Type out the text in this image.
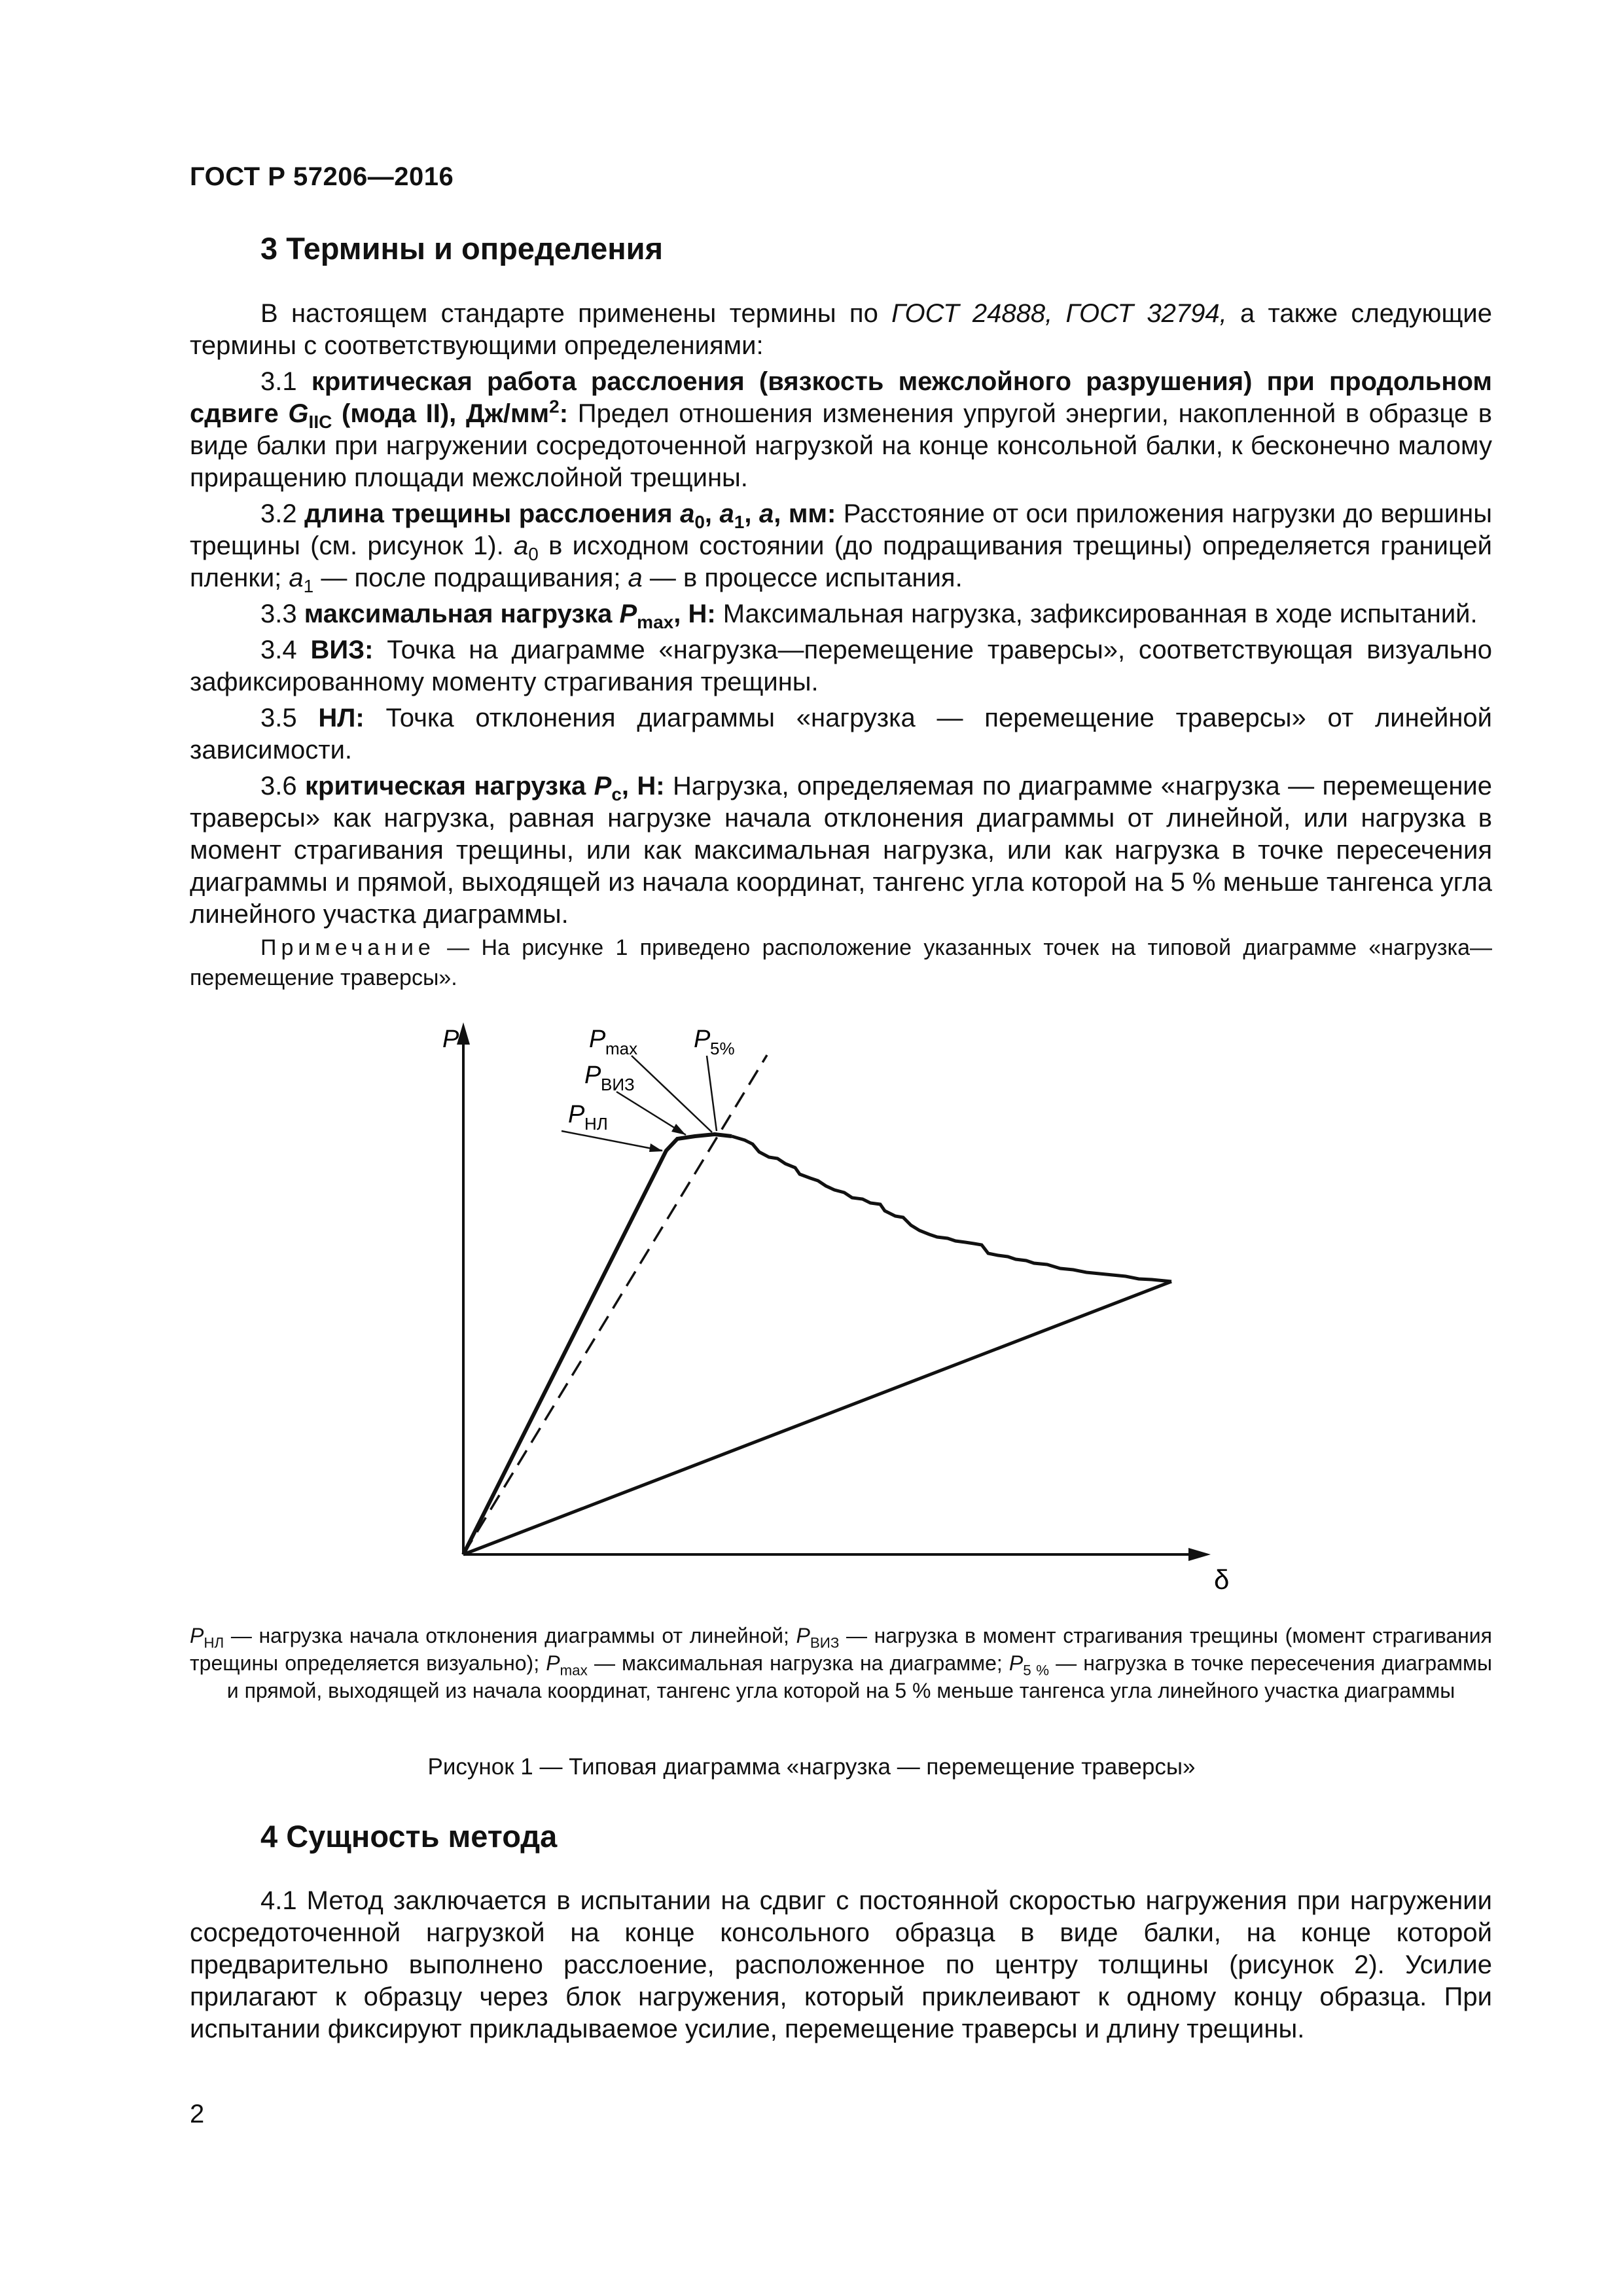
ГОСТ Р 57206—2016
3 Термины и определения

В настоящем стандарте применены термины по ГОСТ 24888, ГОСТ 32794, а также следующие термины с соответствующими определениями:

3.1 критическая работа расслоения (вязкость межслойного разрушения) при продольном сдвиге $G_{IIC}$ (мода II), $Дж/мм^2$: Предел отношения изменения упругой энергии, накопленной в образце в виде балки при нагружении сосредоточенной нагрузкой на конце консольной балки, к бесконечно малому приращению площади межслойной трещины.

3.2 длина трещины расслоения $a_0$, $a_1$, a, мм: Расстояние от оси приложения нагрузки до вершины трещины (см. рисунок 1). $a_0$ в исходном состоянии (до подращивания трещины) определяется границей пленки; $a_1$ — после подращивания; a — в процессе испытания.

3.3 максимальная нагрузка $P_{max}$, Н: Максимальная нагрузка, зафиксированная в ходе испытаний.

3.4 ВИЗ: Точка на диаграмме «нагрузка—перемещение траверсы», соответствующая визуально зафиксированному моменту страгивания трещины.

3.5 НЛ: Точка отклонения диаграммы «нагрузка — перемещение траверсы» от линейной зависимости.

3.6 критическая нагрузка $P_c$, Н: Нагрузка, определяемая по диаграмме «нагрузка — перемещение траверсы» как нагрузка, равная нагрузке начала отклонения диаграммы от линейной, или нагрузка в момент страгивания трещины, или как максимальная нагрузка, или как нагрузка в точке пересечения диаграммы и прямой, выходящей из начала координат, тангенс угла которой на 5 % меньше тангенса угла линейного участка диаграммы.

Примечание — На рисунке 1 приведено расположение указанных точек на типовой диаграмме «нагрузка—перемещение траверсы».
P
δ
P max P 5%
P ВИЗ
P НЛ
$P_{НЛ}$ — нагрузка начала отклонения диаграммы от линейной; $P_{ВИЗ}$ — нагрузка в момент страгивания трещины (момент страгивания трещины определяется визуально); $P_{max}$ — максимальная нагрузка на диаграмме; $P_{5 \%}$ — нагрузка в точке пересечения диаграммы и прямой, выходящей из начала координат, тангенс угла которой на 5 % меньше тангенса угла линейного участка диаграммы
Рисунок 1 — Типовая диаграмма «нагрузка — перемещение траверсы»
4 Сущность метода

4.1 Метод заключается в испытании на сдвиг с постоянной скоростью нагружения при нагружении сосредоточенной нагрузкой на конце консольного образца в виде балки, на конце которой предварительно выполнено расслоение, расположенное по центру толщины (рисунок 2). Усилие прилагают к образцу через блок нагружения, который приклеивают к одному концу образца. При испытании фиксируют прикладываемое усилие, перемещение траверсы и длину трещины.

2
